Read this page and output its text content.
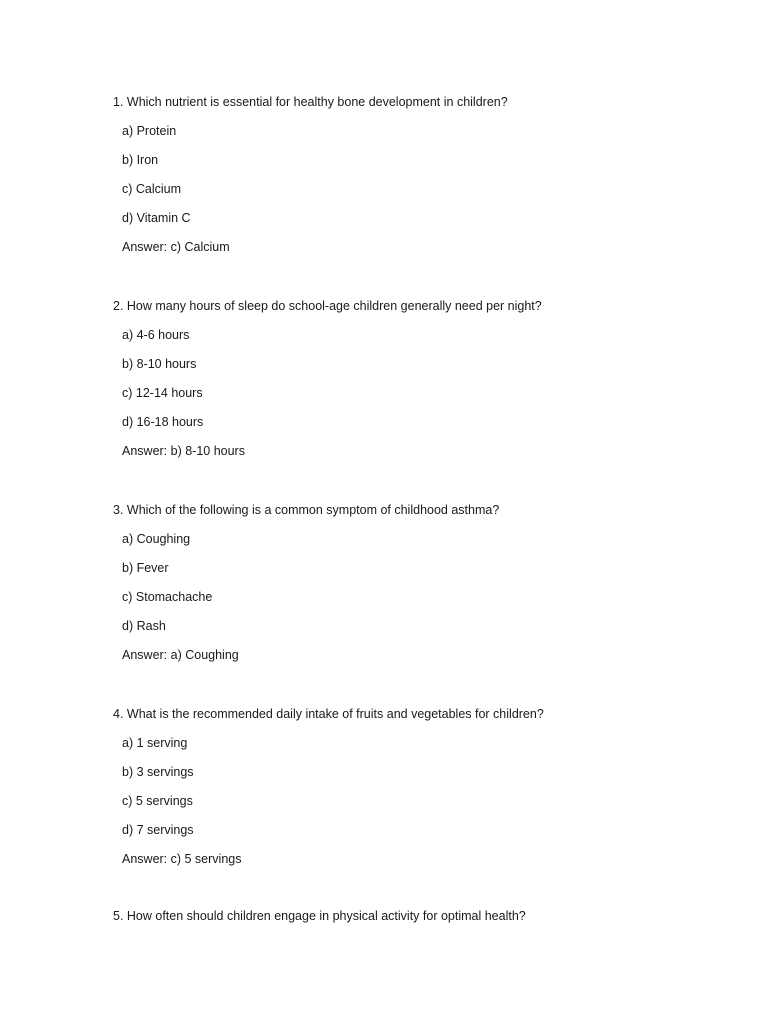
1. Which nutrient is essential for healthy bone development in children?
a) Protein
b) Iron
c) Calcium
d) Vitamin C
Answer: c) Calcium
2. How many hours of sleep do school-age children generally need per night?
a) 4-6 hours
b) 8-10 hours
c) 12-14 hours
d) 16-18 hours
Answer: b) 8-10 hours
3. Which of the following is a common symptom of childhood asthma?
a) Coughing
b) Fever
c) Stomachache
d) Rash
Answer: a) Coughing
4. What is the recommended daily intake of fruits and vegetables for children?
a) 1 serving
b) 3 servings
c) 5 servings
d) 7 servings
Answer: c) 5 servings
5. How often should children engage in physical activity for optimal health?
